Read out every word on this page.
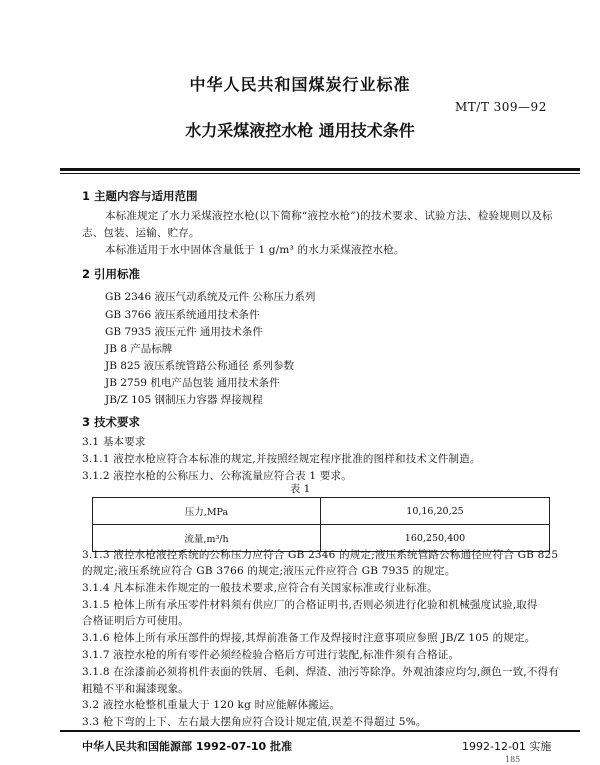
中华人民共和国煤炭行业标准
MT/T 309—92
水力采煤液控水枪 通用技术条件
1 主题内容与适用范围
本标准规定了水力采煤液控水枪(以下简称“液控水枪”)的技术要求、试验方法、检验规则以及标
志、包装、运输、贮存。
本标准适用于水中固体含量低于 1 g/m³ 的水力采煤液控水枪。
2 引用标准
GB 2346 液压气动系统及元件 公称压力系列
GB 3766 液压系统通用技术条件
GB 7935 液压元件 通用技术条件
JB 8 产品标牌
JB 825 液压系统管路公称通径 系列参数
JB 2759 机电产品包装 通用技术条件
JB/Z 105 钢制压力容器 焊接规程
3 技术要求
3.1 基本要求
3.1.1 液控水枪应符合本标准的规定,并按照经规定程序批准的图样和技术文件制造。
3.1.2 液控水枪的公称压力、公称流量应符合表 1 要求。
表 1
压力,MPa	10,16,20,25
流量,m³/h	160,250,400
3.1.3 液控水枪液控系统的公称压力应符合 GB 2346 的规定;液压系统管路公称通径应符合 GB 825
的规定;液压系统应符合 GB 3766 的规定;液压元件应符合 GB 7935 的规定。
3.1.4 凡本标准未作规定的一般技术要求,应符合有关国家标准或行业标准。
3.1.5 枪体上所有承压零件材料须有供应厂的合格证明书,否则必须进行化验和机械强度试验,取得
合格证明后方可使用。
3.1.6 枪体上所有承压部件的焊接,其焊前准备工作及焊接时注意事项应参照 JB/Z 105 的规定。
3.1.7 液控水枪的所有零件必须经检验合格后方可进行装配,标准件须有合格证。
3.1.8 在涂漆前必须将机件表面的铁屑、毛刺、焊渣、油污等除净。外观油漆应均匀,颜色一致,不得有
粗糙不平和漏漆现象。
3.2 液控水枪整机重量大于 120 kg 时应能解体搬运。
中华人民共和国能源部 1992-07-10 批准	1992-12-01 实施
185
3.3 枪下弯的上下、左右最大摆角应符合设计规定值,误差不得超过 5%。
